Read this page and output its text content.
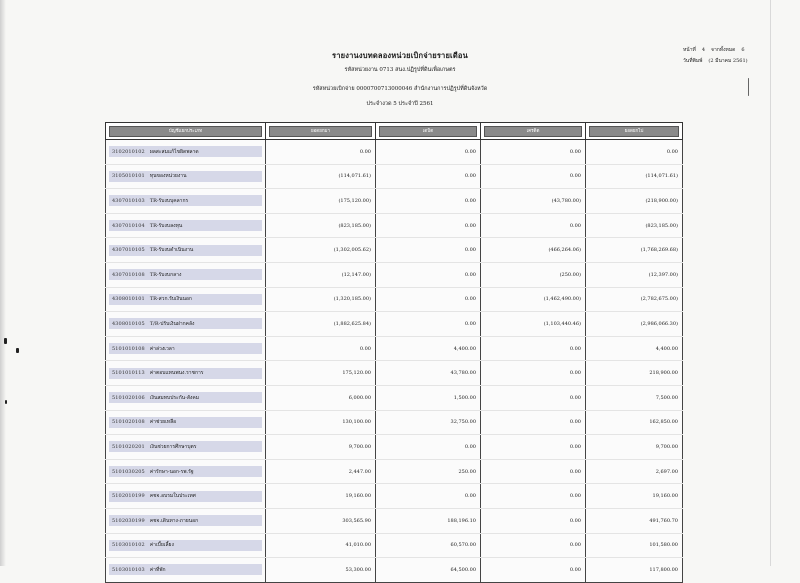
รายงานงบทดลองหน่วยเบิกจ่ายรายเดือน
รหัสหน่วยงาน 0713 สนง.ปฏิรูปที่ดินเพื่อเกษตร
รหัสหน่วยเบิกจ่าย 0000700713000046 สำนักงานการปฏิรูปที่ดินจังหวัด
ประจำงวด 5 ประจำปี 2561
หน้าที่ 4 จากทั้งหมด 6
วันที่พิมพ์ (2 มีนาคม 2561)
บัญชีแยกประเภท	ยอดยกมา	เดบิต	เครดิต	ยอดยกไป

3102010102 ผลสะสมแก้ไขผิดพลาด	0.00	0.00	0.00	0.00

3105010101 ทุนของหน่วยงาน	(114,071.61)	0.00	0.00	(114,071.61)

4307010103 TR-รับงบบุคลากร	(175,120.00)	0.00	(43,780.00)	(218,900.00)

4307010104 TR-รับงบลงทุน	(823,185.00)	0.00	0.00	(823,185.00)

4307010105 TR-รับงบดำเนินงาน	(1,302,005.62)	0.00	(466,264.06)	(1,768,269.68)

4307010108 TR-รับงบกลาง	(12,147.00)	0.00	(250.00)	(12,397.00)

4308010101 TR-สวก.รับเงินนอก	(1,320,185.00)	0.00	(1,462,490.00)	(2,782,675.00)

4308010105 T/R-ปรับเงินฝากคลัง	(1,882,625.84)	0.00	(1,103,440.46)	(2,986,066.30)

5101010108 ค่าล่วงเวลา	0.00	4,400.00	0.00	4,400.00

5101010113 ค่าตอบแทนพนง.ราชการ	175,120.00	43,780.00	0.00	218,900.00

5101020106 เงินสมทบประกัน-สังคม	6,000.00	1,500.00	0.00	7,500.00

5101020108 ค่าช่วยเหลือ	130,100.00	32,750.00	0.00	162,850.00

5101020201 เงินช่วยการศึกษาบุตร	9,700.00	0.00	0.00	9,700.00

5101030205 ค่ารักษา-นอก-รพ.รัฐ	2,447.00	250.00	0.00	2,697.00

5102010199 คชจ.อบรมในประเทศ	19,160.00	0.00	0.00	19,160.00

5102030199 คชจ.เดินทาง-ภายนอก	303,565.90	188,196.10	0.00	491,760.70

5103010102 ค่าเบี้ยเลี้ยง	41,010.00	60,570.00	0.00	101,580.00

5103010103 ค่าที่พัก	53,300.00	64,500.00	0.00	117,800.00
